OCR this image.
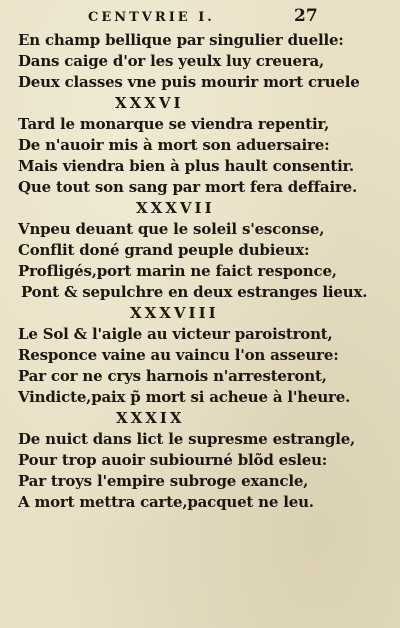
CENTVRIE I.	27
En champ bellique par singulier duelle:
Dans caige d'or les yeulx luy creuera,
Deux classes vne puis mourir mort cruele
XXXVI
Tard le monarque se viendra repentir,
De n'auoir mis à mort son aduersaire:
Mais viendra bien à plus hault consentir.
Que tout son sang par mort fera deffaire.
XXXVII
Vnpeu deuant que le soleil s'esconse,
Conflit doné grand peuple dubieux:
Profligés,port marin ne faict responce,
Pont & sepulchre en deux estranges lieux.
XXXVIII
Le Sol & l'aigle au victeur paroistront,
Responce vaine au vaincu l'on asseure:
Par cor ne crys harnois n'arresteront,
Vindicte,paix p̃ mort si acheue à l'heure.
XXXIX
De nuict dans lict le supresme estrangle,
Pour trop auoir subiourné blõd esleu:
Par troys l'empire subroge exancle,
A mort mettra carte,pacquet ne leu.
